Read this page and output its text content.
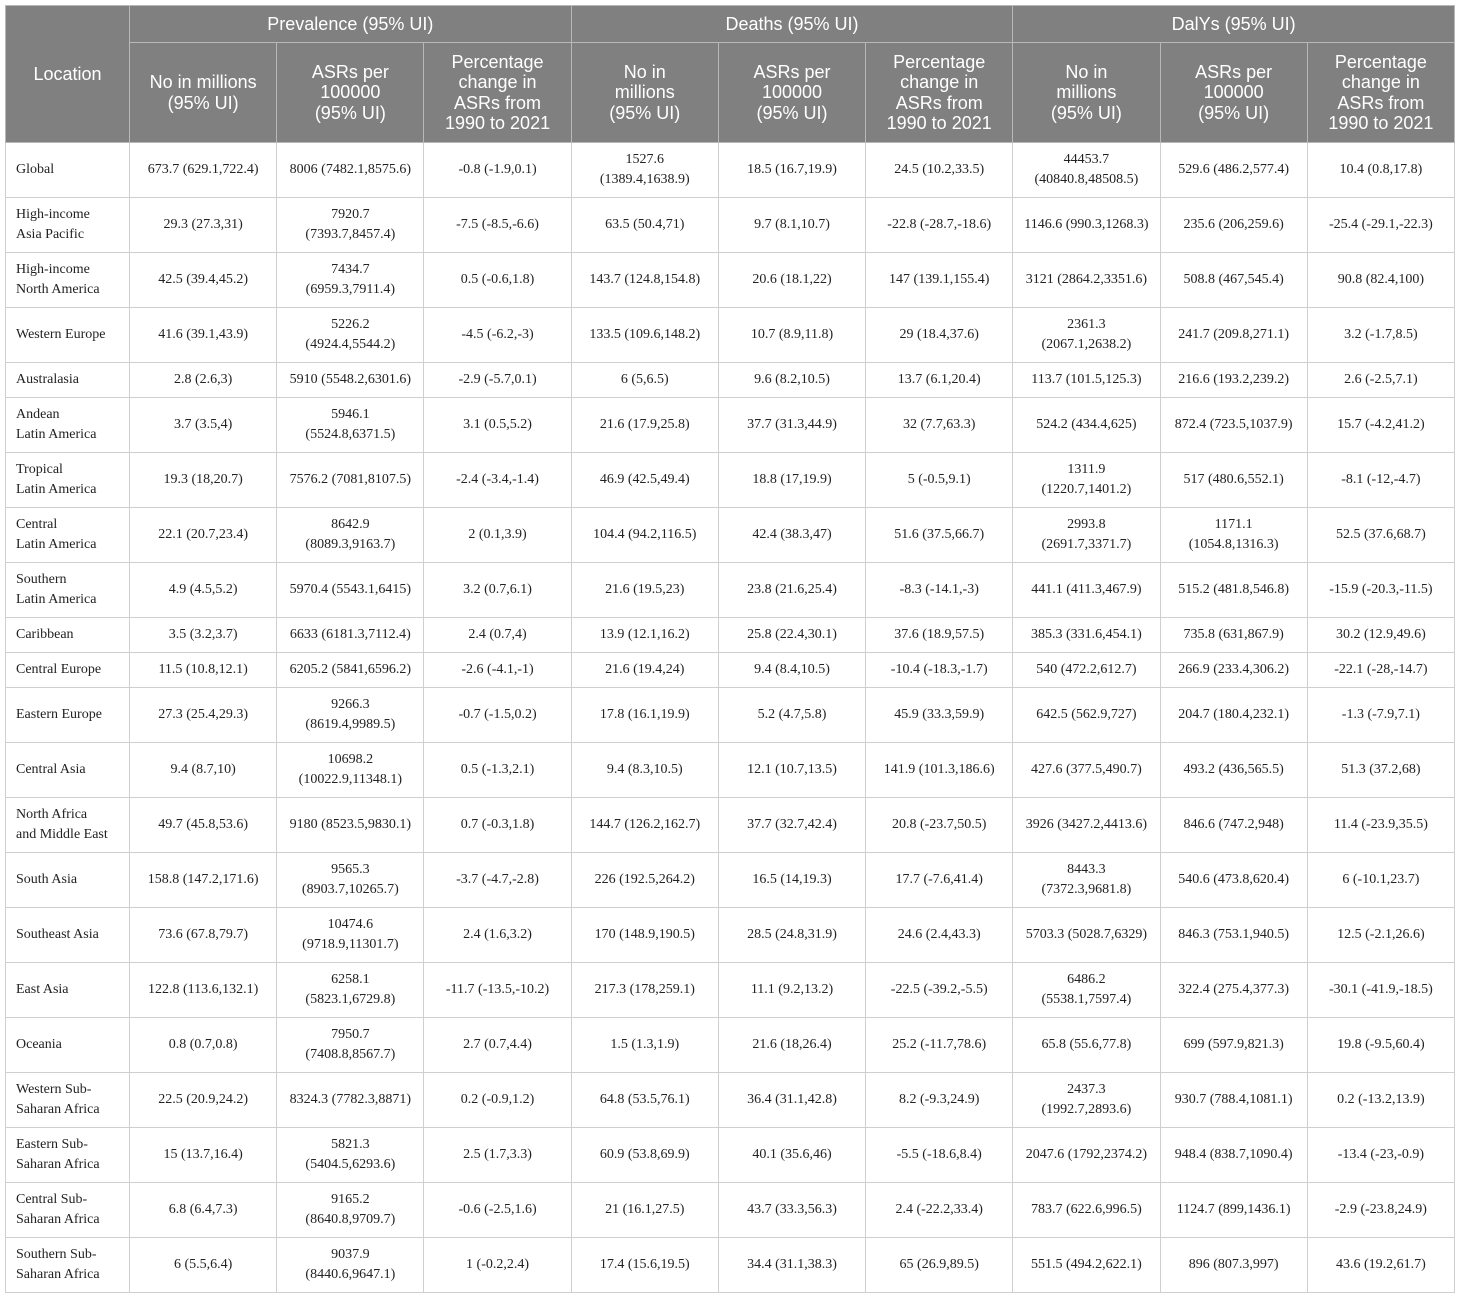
Location	Prevalence (95% UI)			Deaths (95% UI)			DalYs (95% UI)		
	No in millions
(95% UI)	ASRs per
100000
(95% UI)	Percentage
change in
ASRs from
1990 to 2021	No in
millions
(95% UI)	ASRs per
100000
(95% UI)	Percentage
change in
ASRs from
1990 to 2021	No in
millions
(95% UI)	ASRs per
100000
(95% UI)	Percentage
change in
ASRs from
1990 to 2021
Global	673.7 (629.1,722.4)	8006 (7482.1,8575.6)	-0.8 (-1.9,0.1)	1527.6
(1389.4,1638.9)	18.5 (16.7,19.9)	24.5 (10.2,33.5)	44453.7
(40840.8,48508.5)	529.6 (486.2,577.4)	10.4 (0.8,17.8)
High-income
Asia Pacific	29.3 (27.3,31)	7920.7
(7393.7,8457.4)	-7.5 (-8.5,-6.6)	63.5 (50.4,71)	9.7 (8.1,10.7)	-22.8 (-28.7,-18.6)	1146.6 (990.3,1268.3)	235.6 (206,259.6)	-25.4 (-29.1,-22.3)
High-income
North America	42.5 (39.4,45.2)	7434.7
(6959.3,7911.4)	0.5 (-0.6,1.8)	143.7 (124.8,154.8)	20.6 (18.1,22)	147 (139.1,155.4)	3121 (2864.2,3351.6)	508.8 (467,545.4)	90.8 (82.4,100)
Western Europe	41.6 (39.1,43.9)	5226.2
(4924.4,5544.2)	-4.5 (-6.2,-3)	133.5 (109.6,148.2)	10.7 (8.9,11.8)	29 (18.4,37.6)	2361.3
(2067.1,2638.2)	241.7 (209.8,271.1)	3.2 (-1.7,8.5)
Australasia	2.8 (2.6,3)	5910 (5548.2,6301.6)	-2.9 (-5.7,0.1)	6 (5,6.5)	9.6 (8.2,10.5)	13.7 (6.1,20.4)	113.7 (101.5,125.3)	216.6 (193.2,239.2)	2.6 (-2.5,7.1)
Andean
Latin America	3.7 (3.5,4)	5946.1
(5524.8,6371.5)	3.1 (0.5,5.2)	21.6 (17.9,25.8)	37.7 (31.3,44.9)	32 (7.7,63.3)	524.2 (434.4,625)	872.4 (723.5,1037.9)	15.7 (-4.2,41.2)
Tropical
Latin America	19.3 (18,20.7)	7576.2 (7081,8107.5)	-2.4 (-3.4,-1.4)	46.9 (42.5,49.4)	18.8 (17,19.9)	5 (-0.5,9.1)	1311.9
(1220.7,1401.2)	517 (480.6,552.1)	-8.1 (-12,-4.7)
Central
Latin America	22.1 (20.7,23.4)	8642.9
(8089.3,9163.7)	2 (0.1,3.9)	104.4 (94.2,116.5)	42.4 (38.3,47)	51.6 (37.5,66.7)	2993.8
(2691.7,3371.7)	1171.1
(1054.8,1316.3)	52.5 (37.6,68.7)
Southern
Latin America	4.9 (4.5,5.2)	5970.4 (5543.1,6415)	3.2 (0.7,6.1)	21.6 (19.5,23)	23.8 (21.6,25.4)	-8.3 (-14.1,-3)	441.1 (411.3,467.9)	515.2 (481.8,546.8)	-15.9 (-20.3,-11.5)
Caribbean	3.5 (3.2,3.7)	6633 (6181.3,7112.4)	2.4 (0.7,4)	13.9 (12.1,16.2)	25.8 (22.4,30.1)	37.6 (18.9,57.5)	385.3 (331.6,454.1)	735.8 (631,867.9)	30.2 (12.9,49.6)
Central Europe	11.5 (10.8,12.1)	6205.2 (5841,6596.2)	-2.6 (-4.1,-1)	21.6 (19.4,24)	9.4 (8.4,10.5)	-10.4 (-18.3,-1.7)	540 (472.2,612.7)	266.9 (233.4,306.2)	-22.1 (-28,-14.7)
Eastern Europe	27.3 (25.4,29.3)	9266.3
(8619.4,9989.5)	-0.7 (-1.5,0.2)	17.8 (16.1,19.9)	5.2 (4.7,5.8)	45.9 (33.3,59.9)	642.5 (562.9,727)	204.7 (180.4,232.1)	-1.3 (-7.9,7.1)
Central Asia	9.4 (8.7,10)	10698.2
(10022.9,11348.1)	0.5 (-1.3,2.1)	9.4 (8.3,10.5)	12.1 (10.7,13.5)	141.9 (101.3,186.6)	427.6 (377.5,490.7)	493.2 (436,565.5)	51.3 (37.2,68)
North Africa
and Middle East	49.7 (45.8,53.6)	9180 (8523.5,9830.1)	0.7 (-0.3,1.8)	144.7 (126.2,162.7)	37.7 (32.7,42.4)	20.8 (-23.7,50.5)	3926 (3427.2,4413.6)	846.6 (747.2,948)	11.4 (-23.9,35.5)
South Asia	158.8 (147.2,171.6)	9565.3
(8903.7,10265.7)	-3.7 (-4.7,-2.8)	226 (192.5,264.2)	16.5 (14,19.3)	17.7 (-7.6,41.4)	8443.3
(7372.3,9681.8)	540.6 (473.8,620.4)	6 (-10.1,23.7)
Southeast Asia	73.6 (67.8,79.7)	10474.6
(9718.9,11301.7)	2.4 (1.6,3.2)	170 (148.9,190.5)	28.5 (24.8,31.9)	24.6 (2.4,43.3)	5703.3 (5028.7,6329)	846.3 (753.1,940.5)	12.5 (-2.1,26.6)
East Asia	122.8 (113.6,132.1)	6258.1
(5823.1,6729.8)	-11.7 (-13.5,-10.2)	217.3 (178,259.1)	11.1 (9.2,13.2)	-22.5 (-39.2,-5.5)	6486.2
(5538.1,7597.4)	322.4 (275.4,377.3)	-30.1 (-41.9,-18.5)
Oceania	0.8 (0.7,0.8)	7950.7
(7408.8,8567.7)	2.7 (0.7,4.4)	1.5 (1.3,1.9)	21.6 (18,26.4)	25.2 (-11.7,78.6)	65.8 (55.6,77.8)	699 (597.9,821.3)	19.8 (-9.5,60.4)
Western Sub-
Saharan Africa	22.5 (20.9,24.2)	8324.3 (7782.3,8871)	0.2 (-0.9,1.2)	64.8 (53.5,76.1)	36.4 (31.1,42.8)	8.2 (-9.3,24.9)	2437.3
(1992.7,2893.6)	930.7 (788.4,1081.1)	0.2 (-13.2,13.9)
Eastern Sub-
Saharan Africa	15 (13.7,16.4)	5821.3
(5404.5,6293.6)	2.5 (1.7,3.3)	60.9 (53.8,69.9)	40.1 (35.6,46)	-5.5 (-18.6,8.4)	2047.6 (1792,2374.2)	948.4 (838.7,1090.4)	-13.4 (-23,-0.9)
Central Sub-
Saharan Africa	6.8 (6.4,7.3)	9165.2
(8640.8,9709.7)	-0.6 (-2.5,1.6)	21 (16.1,27.5)	43.7 (33.3,56.3)	2.4 (-22.2,33.4)	783.7 (622.6,996.5)	1124.7 (899,1436.1)	-2.9 (-23.8,24.9)
Southern Sub-
Saharan Africa	6 (5.5,6.4)	9037.9
(8440.6,9647.1)	1 (-0.2,2.4)	17.4 (15.6,19.5)	34.4 (31.1,38.3)	65 (26.9,89.5)	551.5 (494.2,622.1)	896 (807.3,997)	43.6 (19.2,61.7)
